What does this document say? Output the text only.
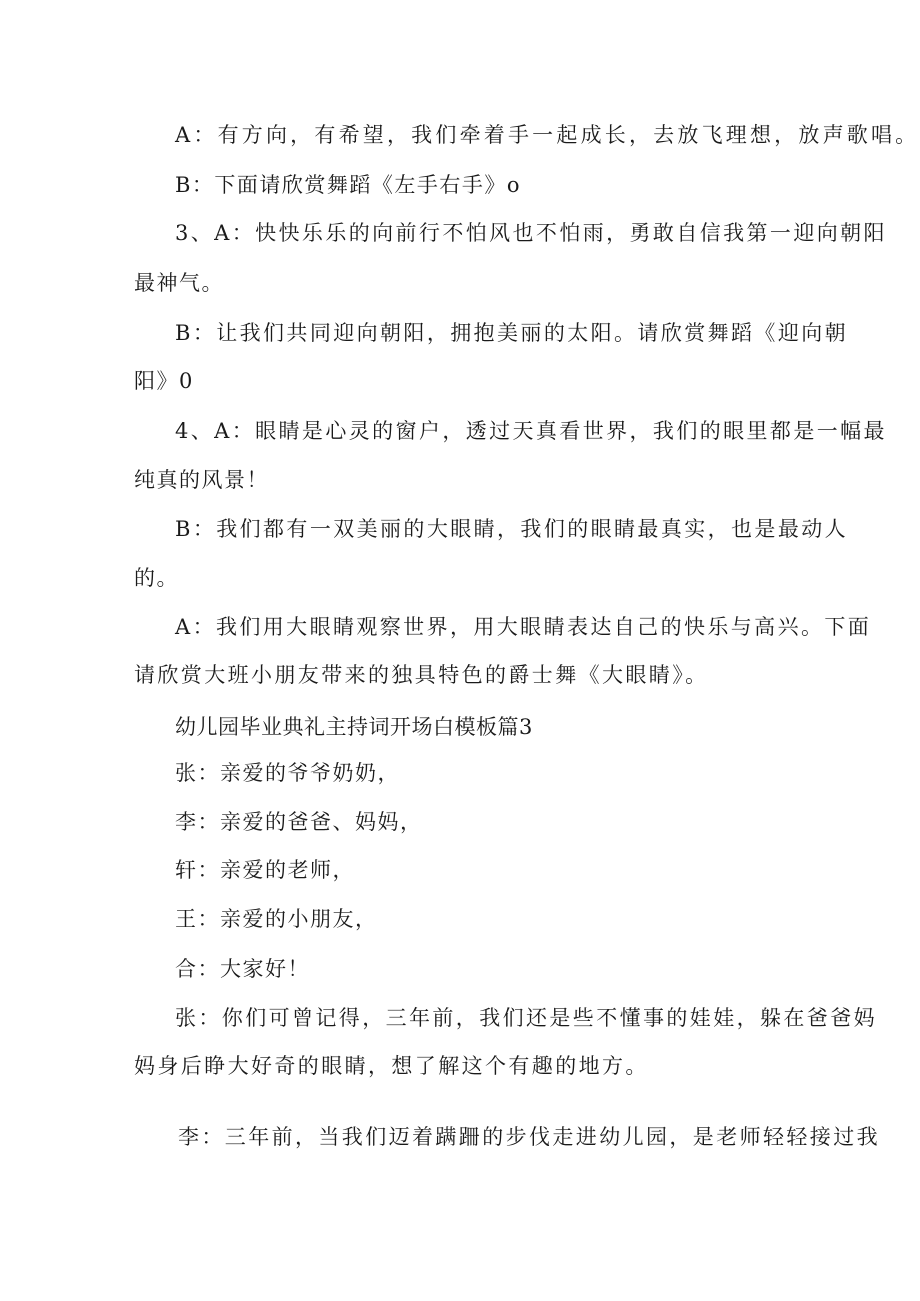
A：有方向，有希望，我们牵着手一起成长，去放飞理想，放声歌唱。
B：下面请欣赏舞蹈《左手右手》o
3、A：快快乐乐的向前行不怕风也不怕雨，勇敢自信我第一迎向朝阳
最神气。
B：让我们共同迎向朝阳，拥抱美丽的太阳。请欣赏舞蹈《迎向朝
阳》0
4、A：眼睛是心灵的窗户，透过天真看世界，我们的眼里都是一幅最
纯真的风景！
B：我们都有一双美丽的大眼睛，我们的眼睛最真实，也是最动人
的。
A：我们用大眼睛观察世界，用大眼睛表达自己的快乐与高兴。下面
请欣赏大班小朋友带来的独具特色的爵士舞《大眼睛》。
幼儿园毕业典礼主持词开场白模板篇3
张：亲爱的爷爷奶奶，
李：亲爱的爸爸、妈妈，
轩：亲爱的老师，
王：亲爱的小朋友，
合：大家好！
张：你们可曾记得，三年前，我们还是些不懂事的娃娃，躲在爸爸妈
妈身后睁大好奇的眼睛，想了解这个有趣的地方。
李：三年前，当我们迈着蹒跚的步伐走进幼儿园，是老师轻轻接过我
